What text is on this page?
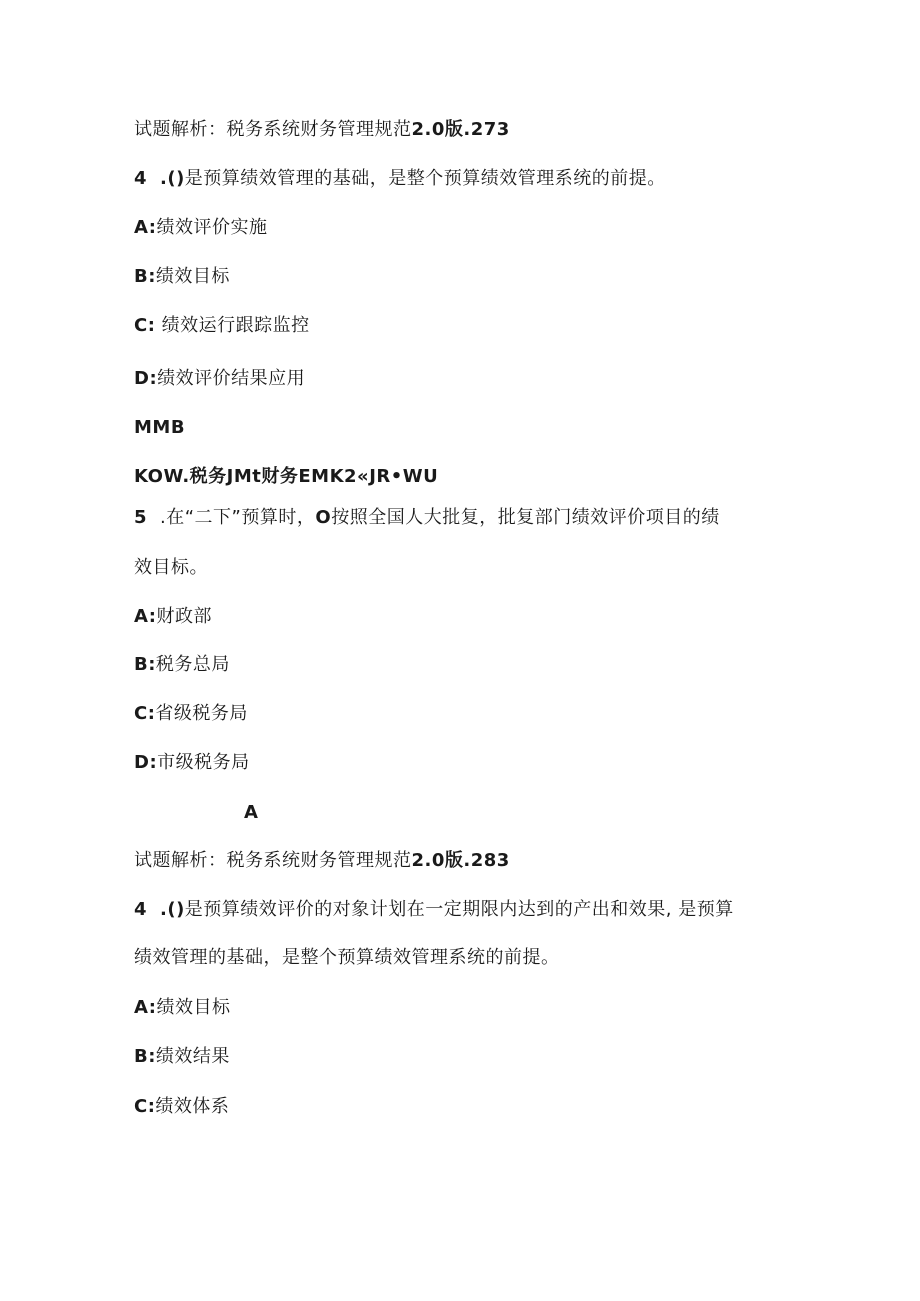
试题解析：税务系统财务管理规范2.0版.273
4 .()是预算绩效管理的基础，是整个预算绩效管理系统的前提。
A:绩效评价实施
B:绩效目标
C: 绩效运行跟踪监控
D:绩效评价结果应用
MMB
KOW.税务JMt财务EMK2«JR•WU
5 .在“二下”预算时，O按照全国人大批复，批复部门绩效评价项目的绩
效目标。
A:财政部
B:税务总局
C:省级税务局
D:市级税务局
A
试题解析：税务系统财务管理规范2.0版.283
4 .()是预算绩效评价的对象计划在一定期限内达到的产出和效果, 是预算
绩效管理的基础，是整个预算绩效管理系统的前提。
A:绩效目标
B:绩效结果
C:绩效体系
